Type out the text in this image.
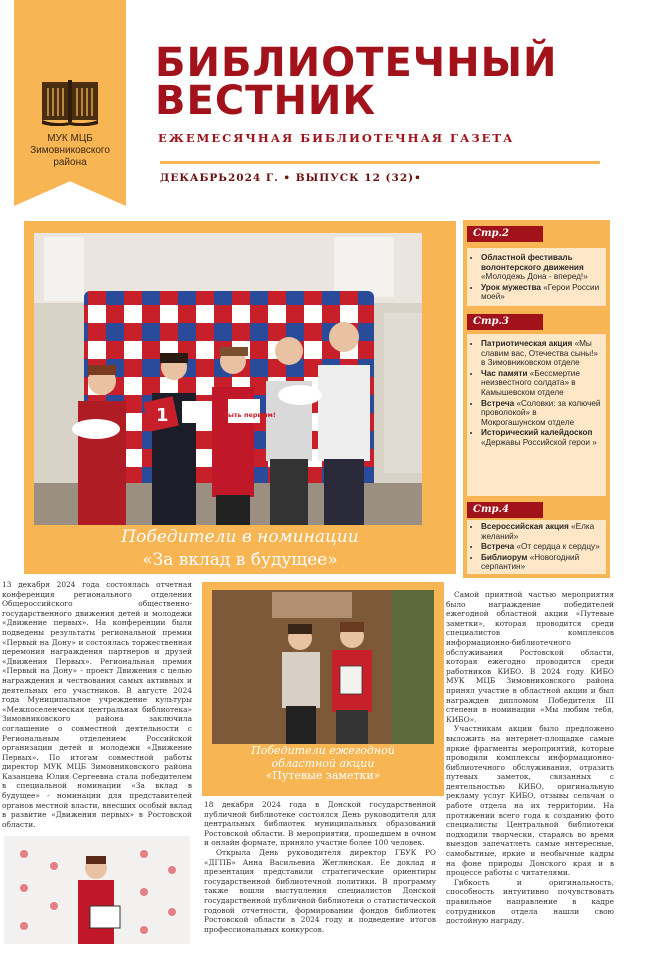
МУК МЦБ
Зимовниковского
района
БИБЛИОТЕЧНЫЙ
ВЕСТНИК
ЕЖЕМЕСЯЧНАЯ БИБЛИОТЕЧНАЯ ГАЗЕТА
ДЕКАБРЬ2024 Г. • ВЫПУСК 12 (32)•
1	Быть первым!
Победители в номинации
«За вклад в будущее»
Стр.2
• Областной фестиваль волонтерского движения «Молодежь Дона - вперед!»
• Урок мужества «Герои России моей»
Стр.3
• Патриотическая акция «Мы славим вас, Отечества сыны!» в Зимовниковском отделе
• Час памяти «Бессмертие неизвестного солдата» в Камышевском отделе
• Встреча «Соловки: за колючей проволокой» в Мокрогашунском отделе
• Исторический калейдоскоп «Державы Российской герои »
Стр.4
• Всероссийская акция «Елка желаний»
• Встреча «От сердца к сердцу»
• Библиорум «Новогодний серпантин»

13 декабря 2024 года состоялась отчетная конференция регионального отделения Общероссийского общественно-государственного движения детей и молодежи «Движение первых». На конференции были подведены результаты региональной премии «Первый на Дону» и состоялась торжественная церемония награждения партнеров и друзей «Движения Первых». Региональная премия «Первый на Дону» - проект Движения с целью награждения и чествования самых активных и деятельных его участников. В августе 2024 года Муниципальное учреждение культуры «Межпоселенческая центральная библиотека» Зимовниковского района заключила соглашение о совместной деятельности с Региональным отделением Российской организации детей и молодежи «Движение Первых». По итогам совместной работы директор МУК МЦБ Зимовниковского района Казанцева Юлия Сергеевна стала победителем в специальной номинации «За вклад в будущее» - номинации для представителей органов местной власти, внесших особый вклад в развитие «Движения первых» в Ростовской области.

Победители ежегодной
областной акции
«Путевые заметки»

18 декабря 2024 года в Донской государственной публичной библиотеке состоялся День руководителя для центральных библиотек муниципальных образований Ростовской области. В мероприятии, прошедшем в очном и онлайн формате, приняло участие более 100 человек.

Открыла День руководителя директор ГБУК РО «ДГПБ» Анна Васильевна Жеглинская. Ее доклад и презентация представили стратегические ориентиры государственной библиотечной политики. В программу также вошли выступления специалистов Донской государственной публичной библиотеки о статистической годовой отчетности, формировании фондов библиотек Ростовской области в 2024 году и подведение итогов профессиональных конкурсов.

Самой приятной частью мероприятия было награждение победителей ежегодной областной акции «Путевые заметки», которая проводится среди специалистов комплексов информационно-библиотечного обслуживания Ростовской области, которая ежегодно проводится среди работников КИБО. В 2024 году КИБО МУК МЦБ Зимовниковского района принял участие в областной акции и был награжден дипломом Победителя III степени в номинации «Мы любим тебя, КИБО».

Участникам акции было предложено выложить на интернет-площадке самые яркие фрагменты мероприятий, которые проводили комплексы информационно-библиотечного обслуживания, отразить путевых заметок, связанных с деятельностью КИБО, оригинальную рекламу услуг КИБО, отзывы сельчан о работе отдела на их территории. На протяжении всего года к созданию фото специалисты Центральной библиотеки подходили творчески, стараясь во время выездов запечатлеть самые интересные, самобытные, яркие и необычные кадры на фоне природы Донского края и в процессе работы с читателями.

Гибкость и оригинальность, способность интуитивно почувствовать правильное направление в кадре сотрудников отдела нашли свою достойную награду.
